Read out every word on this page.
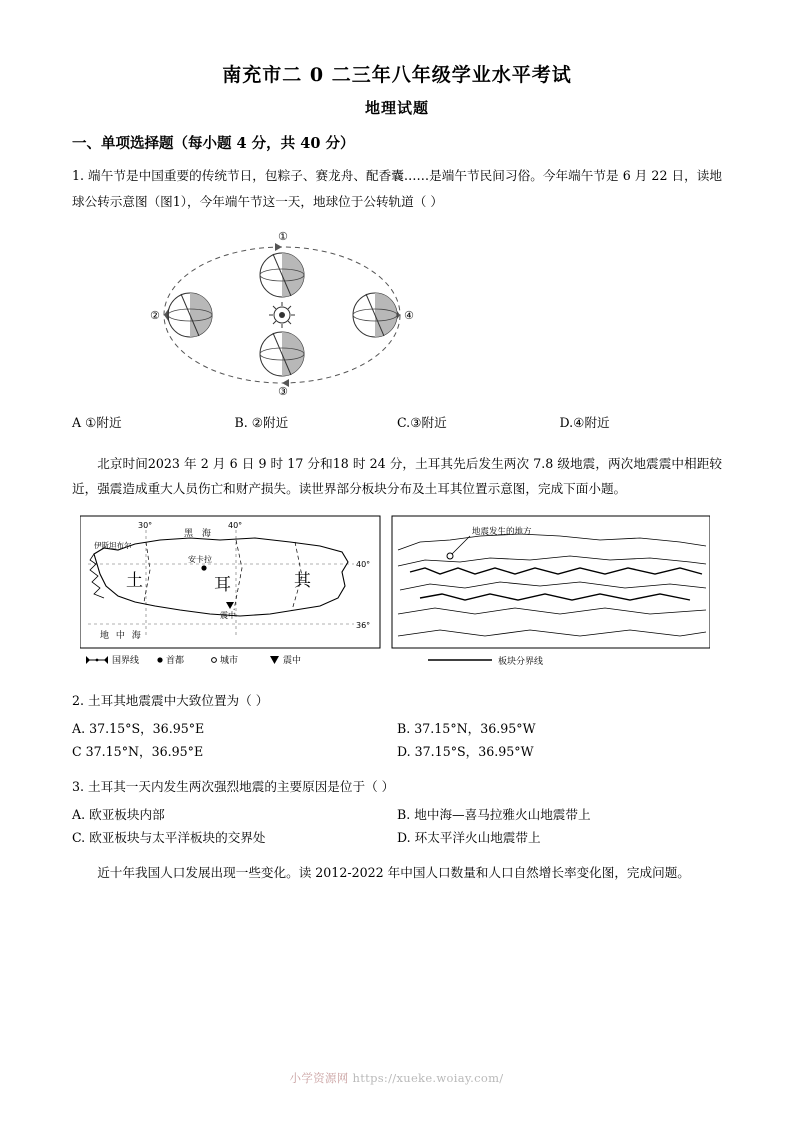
南充市二 0 二三年八年级学业水平考试
地理试题
一、单项选择题（每小题 4 分，共 40 分）
1. 端午节是中国重要的传统节日，包粽子、赛龙舟、配香囊……是端午节民间习俗。今年端午节是 6 月 22 日，读地球公转示意图（图1），今年端午节这一天，地球位于公转轨道（ ）
①
④
③
②
A ①附近	B. ②附近	C.③附近	D.④附近
北京时间2023 年 2 月 6 日 9 时 17 分和18 时 24 分，土耳其先后发生两次 7.8 级地震，两次地震震中相距较近，强震造成重大人员伤亡和财产损失。读世界部分板块分布及土耳其位置示意图，完成下面小题。
30°	40°
40°
36°
黑 海
伊斯坦布尔
安卡拉
土	耳	其
震中
地 中 海
国界线	首都	城市	震中
地震发生的地方
板块分界线
2. 土耳其地震震中大致位置为（ ）
A. 37.15°S，36.95°E	B. 37.15°N，36.95°W
C 37.15°N，36.95°E	D. 37.15°S，36.95°W
3. 土耳其一天内发生两次强烈地震的主要原因是位于（ ）
A. 欧亚板块内部	B. 地中海—喜马拉雅火山地震带上
C. 欧亚板块与太平洋板块的交界处	D. 环太平洋火山地震带上
近十年我国人口发展出现一些变化。读 2012-2022 年中国人口数量和人口自然增长率变化图，完成问题。
小学资源网 https://xueke.woiay.com/
